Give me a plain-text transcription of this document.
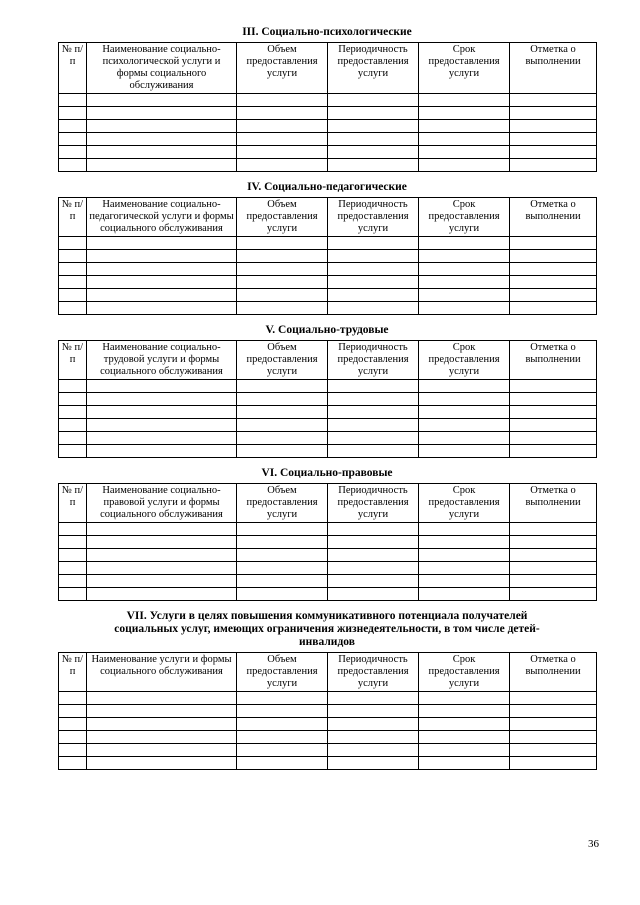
III. Социально-психологические
№ п/п	Наименование социально-психологической услуги и формы социального обслуживания	Объем предоставления услуги	Периодичность предоставления услуги	Срок предоставления услуги	Отметка о выполнении

IV. Социально-педагогические
№ п/п	Наименование социально-педагогической услуги и формы социального обслуживания	Объем предоставления услуги	Периодичность предоставления услуги	Срок предоставления услуги	Отметка о выполнении

V. Социально-трудовые
№ п/п	Наименование социально-трудовой услуги и формы социального обслуживания	Объем предоставления услуги	Периодичность предоставления услуги	Срок предоставления услуги	Отметка о выполнении

VI. Социально-правовые
№ п/п	Наименование социально-правовой услуги и формы социального обслуживания	Объем предоставления услуги	Периодичность предоставления услуги	Срок предоставления услуги	Отметка о выполнении

VII. Услуги в целях повышения коммуникативного потенциала получателей социальных услуг, имеющих ограничения жизнедеятельности, в том числе детей-инвалидов
№ п/п	Наименование услуги и формы социального обслуживания	Объем предоставления услуги	Периодичность предоставления услуги	Срок предоставления услуги	Отметка о выполнении

36
